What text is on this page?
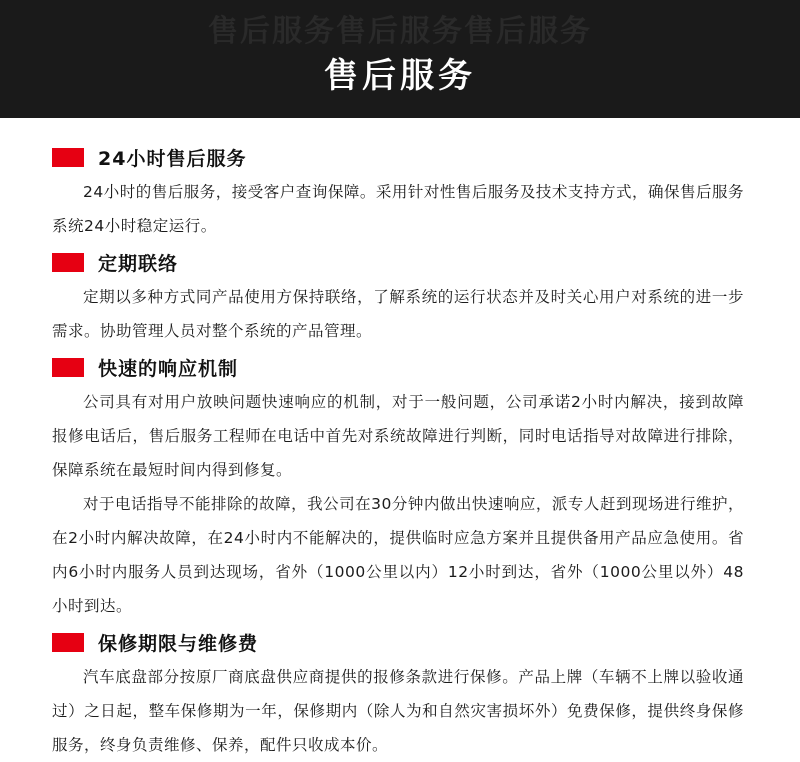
售后服务售后服务售后服务
售后服务
24小时售后服务

24小时的售后服务，接受客户查询保障。采用针对性售后服务及技术支持方式，确保售后服务系统24小时稳定运行。

定期联络

定期以多种方式同产品使用方保持联络，了解系统的运行状态并及时关心用户对系统的进一步需求。协助管理人员对整个系统的产品管理。

快速的响应机制

公司具有对用户放映问题快速响应的机制，对于一般问题，公司承诺2小时内解决，接到故障报修电话后，售后服务工程师在电话中首先对系统故障进行判断，同时电话指导对故障进行排除，保障系统在最短时间内得到修复。

对于电话指导不能排除的故障，我公司在30分钟内做出快速响应，派专人赶到现场进行维护，在2小时内解决故障，在24小时内不能解决的，提供临时应急方案并且提供备用产品应急使用。省内6小时内服务人员到达现场，省外（1000公里以内）12小时到达，省外（1000公里以外）48小时到达。

保修期限与维修费

汽车底盘部分按原厂商底盘供应商提供的报修条款进行保修。产品上牌（车辆不上牌以验收通过）之日起，整车保修期为一年，保修期内（除人为和自然灾害损坏外）免费保修，提供终身保修服务，终身负责维修、保养，配件只收成本价。
